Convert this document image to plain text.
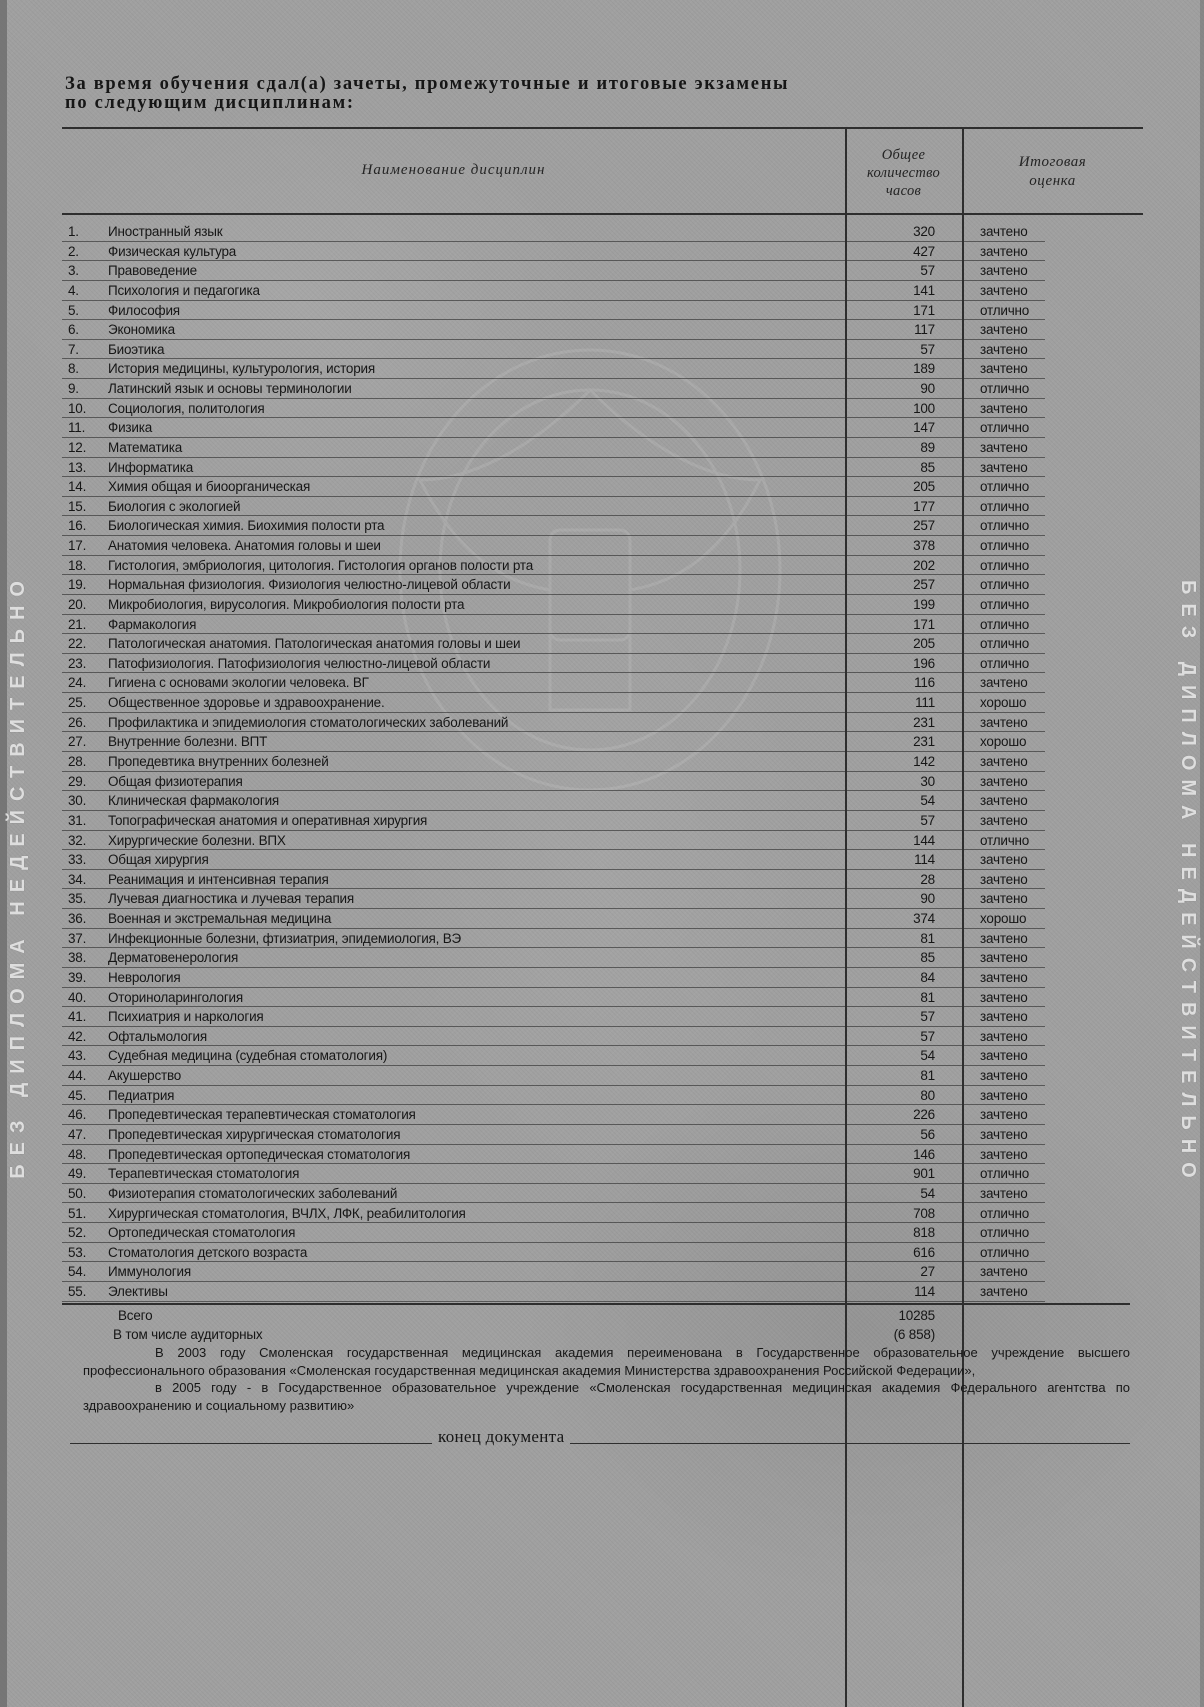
БЕЗ ДИПЛОМА НЕДЕЙСТВИТЕЛЬНО	БЕЗ ДИПЛОМА НЕДЕЙСТВИТЕЛЬНО
За время обучения сдал(а) зачеты, промежуточные и итоговые экзамены
по следующим дисциплинам:
Наименование дисциплин
Общее
количество
часов
Итоговая
оценка
1. Иностранный язык	320	зачтено
2. Физическая культура	427	зачтено
3. Правоведение	57	зачтено
4. Психология и педагогика	141	зачтено
5. Философия	171	отлично
6. Экономика	117	зачтено
7. Биоэтика	57	зачтено
8. История медицины, культурология, история	189	зачтено
9. Латинский язык и основы терминологии	90	отлично
10. Социология, политология	100	зачтено
11. Физика	147	отлично
12. Математика	89	зачтено
13. Информатика	85	зачтено
14. Химия общая и биоорганическая	205	отлично
15. Биология с экологией	177	отлично
16. Биологическая химия. Биохимия полости рта	257	отлично
17. Анатомия человека. Анатомия головы и шеи	378	отлично
18. Гистология, эмбриология, цитология. Гистология органов полости рта	202	отлично
19. Нормальная физиология. Физиология челюстно-лицевой области	257	отлично
20. Микробиология, вирусология. Микробиология полости рта	199	отлично
21. Фармакология	171	отлично
22. Патологическая анатомия. Патологическая анатомия головы и шеи	205	отлично
23. Патофизиология. Патофизиология челюстно-лицевой области	196	отлично
24. Гигиена с основами экологии человека. ВГ	116	зачтено
25. Общественное здоровье и здравоохранение.	111	хорошо
26. Профилактика и эпидемиология стоматологических заболеваний	231	зачтено
27. Внутренние болезни. ВПТ	231	хорошо
28. Пропедевтика внутренних болезней	142	зачтено
29. Общая физиотерапия	30	зачтено
30. Клиническая фармакология	54	зачтено
31. Топографическая анатомия и оперативная хирургия	57	зачтено
32. Хирургические болезни. ВПХ	144	отлично
33. Общая хирургия	114	зачтено
34. Реанимация и интенсивная терапия	28	зачтено
35. Лучевая диагностика и лучевая терапия	90	зачтено
36. Военная и экстремальная медицина	374	хорошо
37. Инфекционные болезни, фтизиатрия, эпидемиология, ВЭ	81	зачтено
38. Дерматовенерология	85	зачтено
39. Неврология	84	зачтено
40. Оториноларингология	81	зачтено
41. Психиатрия и наркология	57	зачтено
42. Офтальмология	57	зачтено
43. Судебная медицина (судебная стоматология)	54	зачтено
44. Акушерство	81	зачтено
45. Педиатрия	80	зачтено
46. Пропедевтическая терапевтическая стоматология	226	зачтено
47. Пропедевтическая хирургическая стоматология	56	зачтено
48. Пропедевтическая ортопедическая стоматология	146	зачтено
49. Терапевтическая стоматология	901	отлично
50. Физиотерапия стоматологических заболеваний	54	зачтено
51. Хирургическая стоматология, ВЧЛХ, ЛФК, реабилитология	708	отлично
52. Ортопедическая стоматология	818	отлично
53. Стоматология детского возраста	616	отлично
54. Иммунология	27	зачтено
55. Элективы	114	зачтено
Всего	10285
В том числе аудиторных	(6 858)

В 2003 году Смоленская государственная медицинская академия переименована в Государственное образовательное учреждение высшего профессионального образования «Смоленская государственная медицинская академия Министерства здравоохранения Российской Федерации»,

в 2005 году - в Государственное образовательное учреждение «Смоленская государственная медицинская академия Федерального агентства по здравоохранению и социальному развитию»

конец документа
